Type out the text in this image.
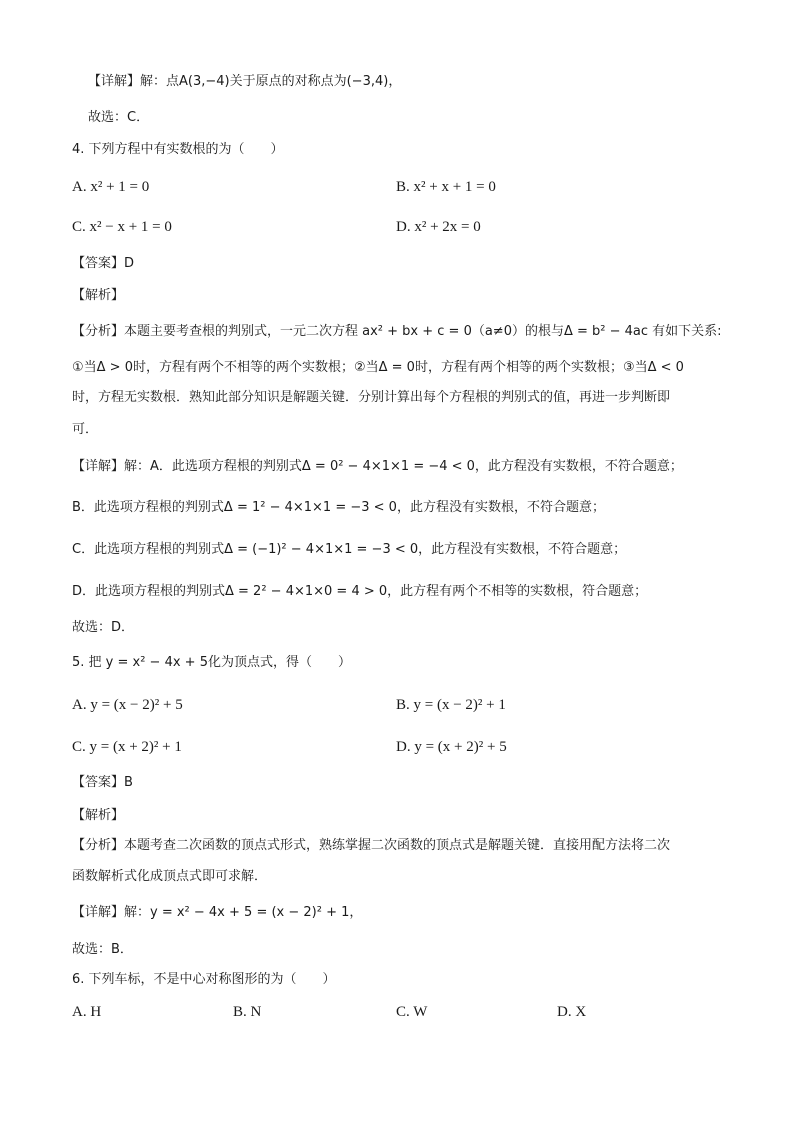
【详解】解：点A(3,−4)关于原点的对称点为(−3,4)，
故选：C．
4. 下列方程中有实数根的为（　　）
A. x² + 1 = 0	B. x² + x + 1 = 0
C. x² − x + 1 = 0	D. x² + 2x = 0
【答案】D
【解析】
【分析】本题主要考查根的判别式，一元二次方程 ax² + bx + c = 0（a≠0）的根与Δ = b² − 4ac 有如下关系:
①当Δ > 0时，方程有两个不相等的两个实数根；②当Δ = 0时，方程有两个相等的两个实数根；③当Δ < 0
时，方程无实数根．熟知此部分知识是解题关键．分别计算出每个方程根的判别式的值，再进一步判断即
可．
【详解】解：A．此选项方程根的判别式Δ = 0² − 4×1×1 = −4 < 0，此方程没有实数根，不符合题意；
B．此选项方程根的判别式Δ = 1² − 4×1×1 = −3 < 0，此方程没有实数根，不符合题意；
C．此选项方程根的判别式Δ = (−1)² − 4×1×1 = −3 < 0，此方程没有实数根，不符合题意；
D．此选项方程根的判别式Δ = 2² − 4×1×0 = 4 > 0，此方程有两个不相等的实数根，符合题意；
故选：D．
5. 把 y = x² − 4x + 5化为顶点式，得（　　）
A. y = (x − 2)² + 5	B. y = (x − 2)² + 1
C. y = (x + 2)² + 1	D. y = (x + 2)² + 5
【答案】B
【解析】
【分析】本题考查二次函数的顶点式形式，熟练掌握二次函数的顶点式是解题关键．直接用配方法将二次
函数解析式化成顶点式即可求解．
【详解】解：y = x² − 4x + 5 = (x − 2)² + 1，
故选：B．
6. 下列车标，不是中心对称图形的为（　　）
A. H	B. N	C. W	D. X
